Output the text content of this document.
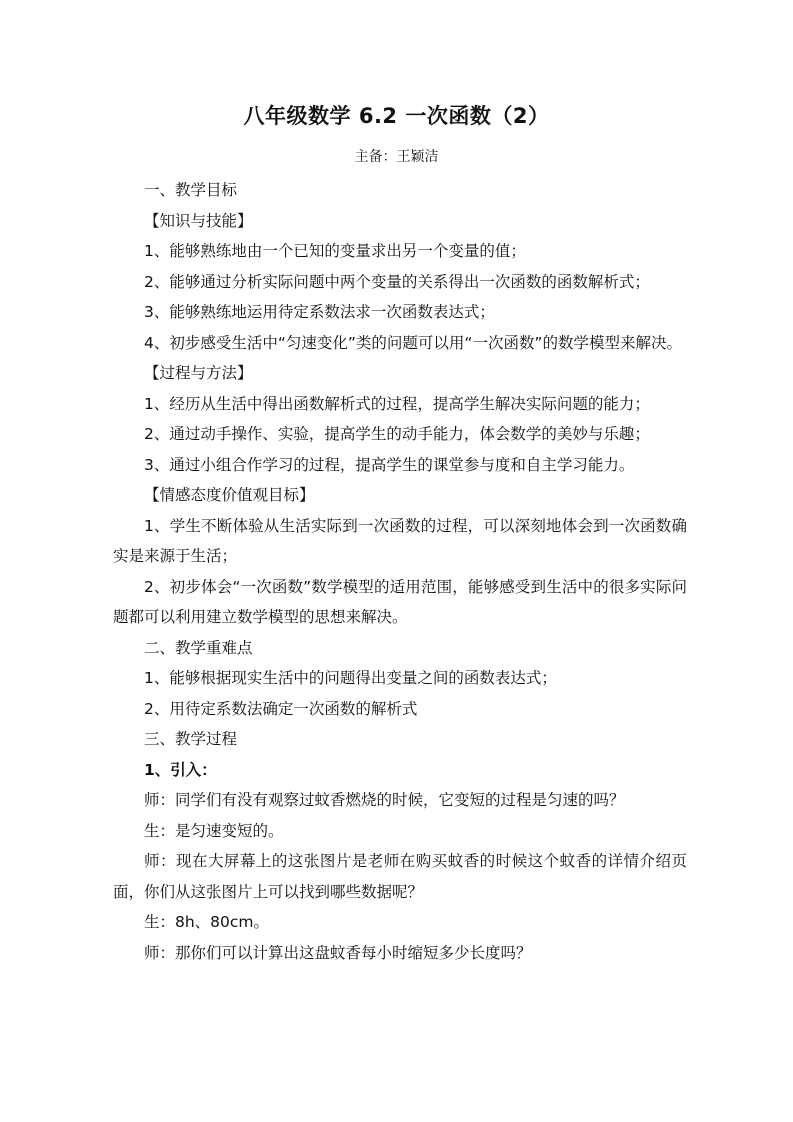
八年级数学 6.2 一次函数（2）
主备：王颖洁

一、教学目标

【知识与技能】

1、能够熟练地由一个已知的变量求出另一个变量的值；

2、能够通过分析实际问题中两个变量的关系得出一次函数的函数解析式；

3、能够熟练地运用待定系数法求一次函数表达式；

4、初步感受生活中“匀速变化”类的问题可以用“一次函数”的数学模型来解决。

【过程与方法】

1、经历从生活中得出函数解析式的过程，提高学生解决实际问题的能力；

2、通过动手操作、实验，提高学生的动手能力，体会数学的美妙与乐趣；

3、通过小组合作学习的过程，提高学生的课堂参与度和自主学习能力。

【情感态度价值观目标】

1、学生不断体验从生活实际到一次函数的过程，可以深刻地体会到一次函数确实是来源于生活；

2、初步体会“一次函数”数学模型的适用范围，能够感受到生活中的很多实际问题都可以利用建立数学模型的思想来解决。

二、教学重难点

1、能够根据现实生活中的问题得出变量之间的函数表达式；

2、用待定系数法确定一次函数的解析式

三、教学过程

1、引入：

师：同学们有没有观察过蚊香燃烧的时候，它变短的过程是匀速的吗？

生：是匀速变短的。

师：现在大屏幕上的这张图片是老师在购买蚊香的时候这个蚊香的详情介绍页面，你们从这张图片上可以找到哪些数据呢？

生：8h、80cm。

师：那你们可以计算出这盘蚊香每小时缩短多少长度吗？
